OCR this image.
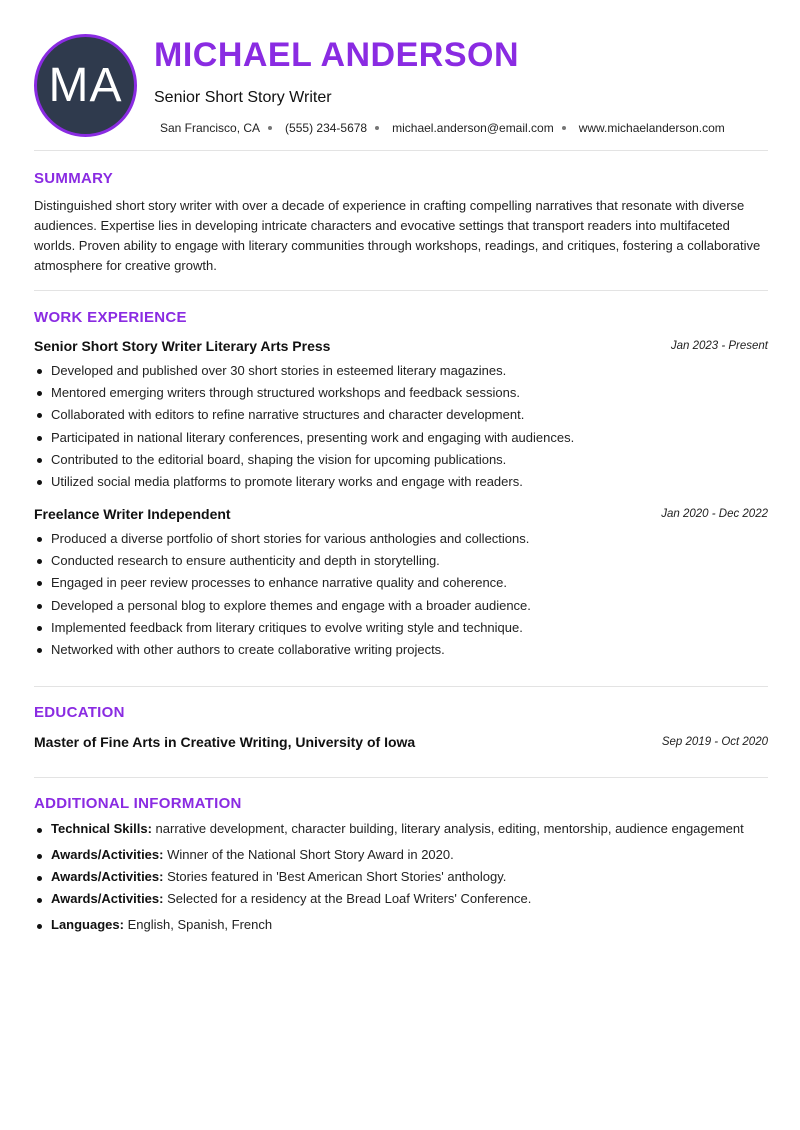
MA
MICHAEL ANDERSON
Senior Short Story Writer
San Francisco, CA (555) 234-5678 michael.anderson@email.com www.michaelanderson.com
SUMMARY

Distinguished short story writer with over a decade of experience in crafting compelling narratives that resonate with diverse audiences. Expertise lies in developing intricate characters and evocative settings that transport readers into multifaceted worlds. Proven ability to engage with literary communities through workshops, readings, and critiques, fostering a collaborative atmosphere for creative growth.

WORK EXPERIENCE
Senior Short Story Writer Literary Arts Press	Jan 2023 - Present
Developed and published over 30 short stories in esteemed literary magazines.
Mentored emerging writers through structured workshops and feedback sessions.
Collaborated with editors to refine narrative structures and character development.
Participated in national literary conferences, presenting work and engaging with audiences.
Contributed to the editorial board, shaping the vision for upcoming publications.
Utilized social media platforms to promote literary works and engage with readers.
Freelance Writer Independent	Jan 2020 - Dec 2022
Produced a diverse portfolio of short stories for various anthologies and collections.
Conducted research to ensure authenticity and depth in storytelling.
Engaged in peer review processes to enhance narrative quality and coherence.
Developed a personal blog to explore themes and engage with a broader audience.
Implemented feedback from literary critiques to evolve writing style and technique.
Networked with other authors to create collaborative writing projects.
EDUCATION
Master of Fine Arts in Creative Writing, University of Iowa	Sep 2019 - Oct 2020
ADDITIONAL INFORMATION
Technical Skills: narrative development, character building, literary analysis, editing, mentorship, audience engagement
Awards/Activities: Winner of the National Short Story Award in 2020.
Awards/Activities: Stories featured in 'Best American Short Stories' anthology.
Awards/Activities: Selected for a residency at the Bread Loaf Writers' Conference.
Languages: English, Spanish, French
